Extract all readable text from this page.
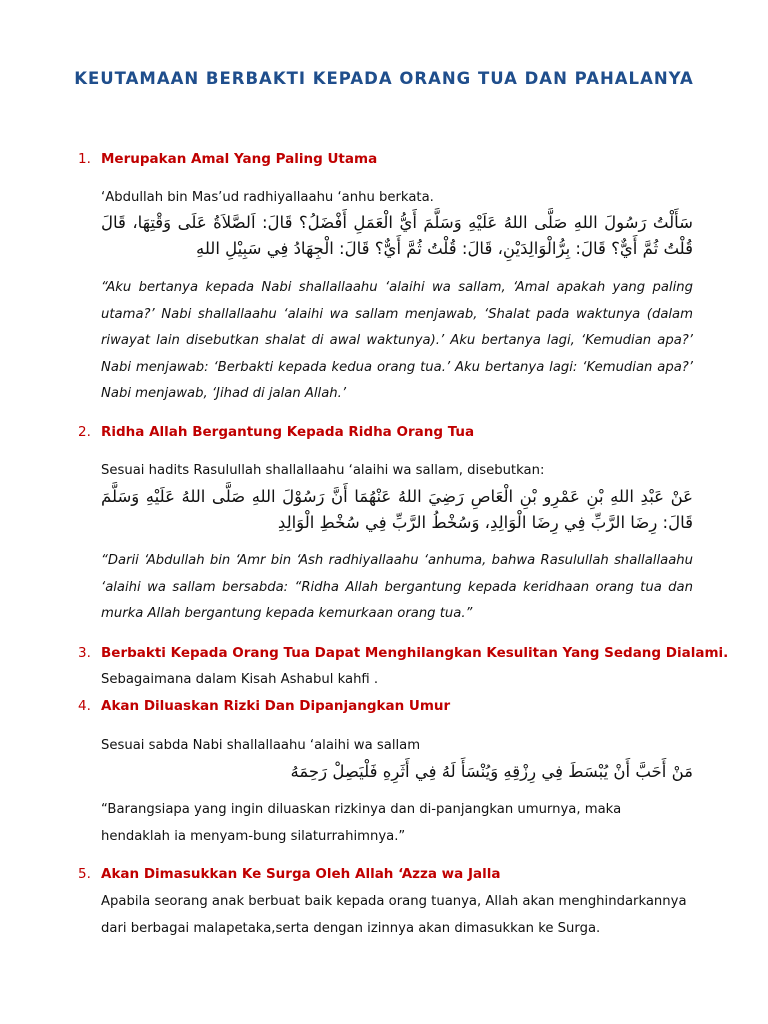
KEUTAMAAN BERBAKTI KEPADA ORANG TUA DAN PAHALANYA
1. Merupakan Amal Yang Paling Utama
‘Abdullah bin Mas’ud radhiyallaahu ‘anhu berkata.
سَأَلْتُ رَسُولَ اللهِ صَلَّى اللهُ عَلَيْهِ وَسَلَّمَ أَيُّ الْعَمَلِ أَفْضَلُ؟ قَالَ: اَلصَّلاَةُ عَلَى وَقْتِهَا، قَالَ قُلْتُ ثُمَّ أَيٌّ؟ قَالَ: بِرُّالْوَالِدَيْنِ، قَالَ: قُلْتُ ثُمَّ أَيٌّ؟ قَالَ: الْجِهَادُ فِي سَبِيْلِ اللهِ
“Aku bertanya kepada Nabi shallallaahu ‘alaihi wa sallam, ‘Amal apakah yang paling utama?’ Nabi shallallaahu ‘alaihi wa sallam menjawab, ‘Shalat pada waktunya (dalam riwayat lain disebutkan shalat di awal waktunya).’ Aku bertanya lagi, ‘Kemudian apa?’ Nabi menjawab: ‘Berbakti kepada kedua orang tua.’ Aku bertanya lagi: ‘Kemudian apa?’ Nabi menjawab, ‘Jihad di jalan Allah.’
2. Ridha Allah Bergantung Kepada Ridha Orang Tua
Sesuai hadits Rasulullah shallallaahu ‘alaihi wa sallam, disebutkan:
عَنْ عَبْدِ اللهِ بْنِ عَمْرِو بْنِ الْعَاصِ رَضِيَ اللهُ عَنْهُمَا أَنَّ رَسُوْلَ اللهِ صَلَّى اللهُ عَلَيْهِ وَسَلَّمَ قَالَ: رِضَا الرَّبِّ فِي رِضَا الْوَالِدِ، وَسُخْطُ الرَّبِّ فِي سُخْطِ الْوَالِدِ
“Darii ‘Abdullah bin ‘Amr bin ‘Ash radhiyallaahu ‘anhuma, bahwa Rasulullah shallallaahu ‘alaihi wa sallam bersabda: “Ridha Allah bergantung kepada keridhaan orang tua dan murka Allah bergantung kepada kemurkaan orang tua.”
3. Berbakti Kepada Orang Tua Dapat Menghilangkan Kesulitan Yang Sedang Dialami.
Sebagaimana dalam Kisah Ashabul kahfi .
4. Akan Diluaskan Rizki Dan Dipanjangkan Umur
Sesuai sabda Nabi shallallaahu ‘alaihi wa sallam
مَنْ أَحَبَّ أَنْ يُبْسَطَ فِي رِزْقِهِ وَيُنْسَأَ لَهُ فِي أَثَرِهِ فَلْيَصِلْ رَحِمَهُ
“Barangsiapa yang ingin diluaskan rizkinya dan di-panjangkan umurnya, maka hendaklah ia menyam-bung silaturrahimnya.”
5. Akan Dimasukkan Ke Surga Oleh Allah ‘Azza wa Jalla
Apabila seorang anak berbuat baik kepada orang tuanya, Allah akan menghindarkannya dari berbagai malapetaka,serta dengan izinnya akan dimasukkan ke Surga.
